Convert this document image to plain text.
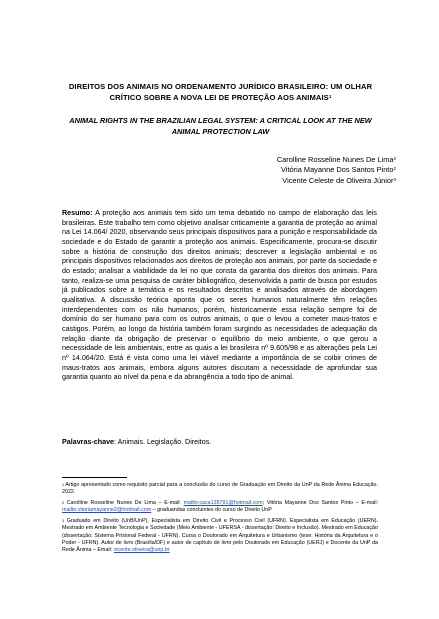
DIREITOS DOS ANIMAIS NO ORDENAMENTO JURÍDICO BRASILEIRO: UM OLHAR CRÍTICO SOBRE A NOVA LEI DE PROTEÇÃO AOS ANIMAIS$^1$
ANIMAL RIGHTS IN THE BRAZILIAN LEGAL SYSTEM: A CRITICAL LOOK AT THE NEW ANIMAL PROTECTION LAW
Carolline Rosseline Nunes De Lima$^2$
Vitória Mayanne Dos Santos Pinto$^2$
Vicente Celeste de Oliveira Júnior$^3$
Resumo: A proteção aos animais tem sido um tema debatido no campo de elaboração das leis brasileiras. Este trabalho tem como objetivo analisar criticamente a garantia de proteção ao animal na Lei 14.064/ 2020, observando seus principais dispositivos para a punição e responsabilidade da sociedade e do Estado de garantir a proteção aos animais. Especificamente, procura-se discutir sobre a história de construção dos direitos animais; descrever a legislação ambiental e os principais dispositivos relacionados aos direitos de proteção aos animais, por parte da sociedade e do estado; analisar a viabilidade da lei no que consta da garantia dos direitos dos animais. Para tanto, realiza-se uma pesquisa de caráter bibliográfico, desenvolvida a partir de busca por estudos já publicados sobre a temática e os resultados descritos e analisados através de abordagem qualitativa. A discussão teórica aponta que os seres humanos naturalmente têm relações interdependentes com os não humanos, porém, historicamente essa relação sempre foi de domínio do ser humano para com os outros animais, o que o levou a cometer maus-tratos e castigos. Porém, ao longo da história também foram surgindo as necessidades de adequação da relação diante da obrigação de preservar o equilíbrio do meio ambiente, o que gerou a necessidade de leis ambientais, entre as quais a lei brasileira nº 9.605/98 e as alterações pela Lei nº 14.064/20. Está é vista como uma lei viável mediante a importância de se coibir crimes de maus-tratos aos animais, embora alguns autores discutam a necessidade de aprofundar sua garantia quanto ao nível da pena e da abrangência a todo tipo de animal.
Palavras-chave: Animais. Legislação. Direitos.

$^1$ Artigo apresentado como requisito parcial para a conclusão do curso de Graduação em Direito da UnP da Rede Ânima Educação. 2022.

$^2$ Carolline Rosseline Nunes De Lima – E-mail: mailto:caca135791@hotmail.com; Vitória Mayanne Dos Santos Pinto – E-mail: mailto:vitoriamayanne2@hotmail.com – graduandas concluintes do curso de Direito UnP

$^3$ Graduado em Direito (UnB/UnP), Especialista em Direito Civil e Processo Civil (UFRN). Especialista em Educação (UERN). Mestrado em Ambiente Tecnologia e Sociedade (Meio Ambiente - UFERSA - dissertação: Direito e Inclusão). Mestrado em Educação (dissertação: Sistema Prisional Federal - UFRN). Cursa o Doutorado em Arquitetura e Urbanismo (tese: História da Arquitetura e o Poder - UFRN). Autor de livro (Brasília/DF) e autor de capítulo de livro pelo Doutorado em Educação (UERJ) e Docente da UnP da Rede Ânima – Email: vicente.oliveira@unp.br
